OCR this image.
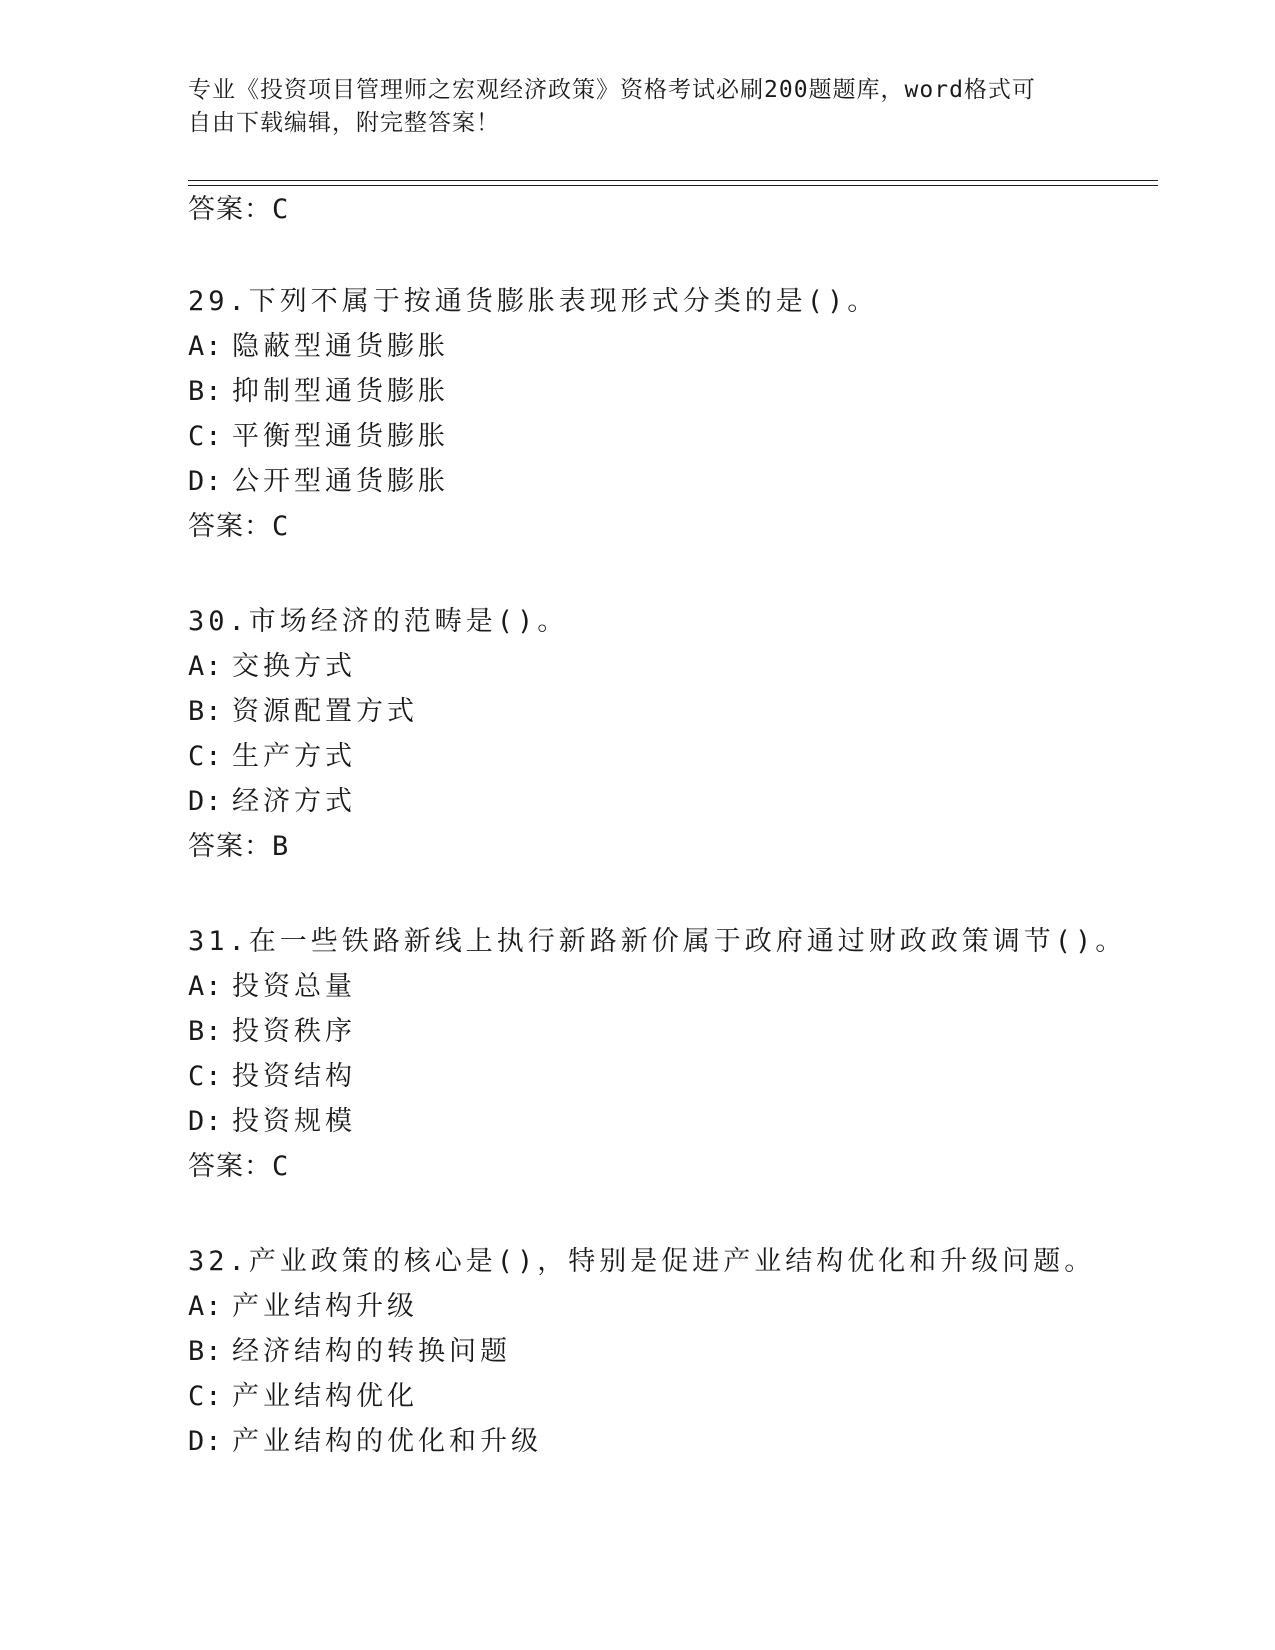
专业《投资项目管理师之宏观经济政策》资格考试必刷200题题库，word格式可
自由下载编辑，附完整答案！

答案：C

29.下列不属于按通货膨胀表现形式分类的是()。

A: 隐蔽型通货膨胀
B: 抑制型通货膨胀
C: 平衡型通货膨胀
D: 公开型通货膨胀

答案：C

30.市场经济的范畴是()。

A: 交换方式
B: 资源配置方式
C: 生产方式
D: 经济方式

答案：B

31.在一些铁路新线上执行新路新价属于政府通过财政政策调节()。

A: 投资总量
B: 投资秩序
C: 投资结构
D: 投资规模

答案：C

32.产业政策的核心是()，特别是促进产业结构优化和升级问题。

A: 产业结构升级
B: 经济结构的转换问题
C: 产业结构优化
D: 产业结构的优化和升级
